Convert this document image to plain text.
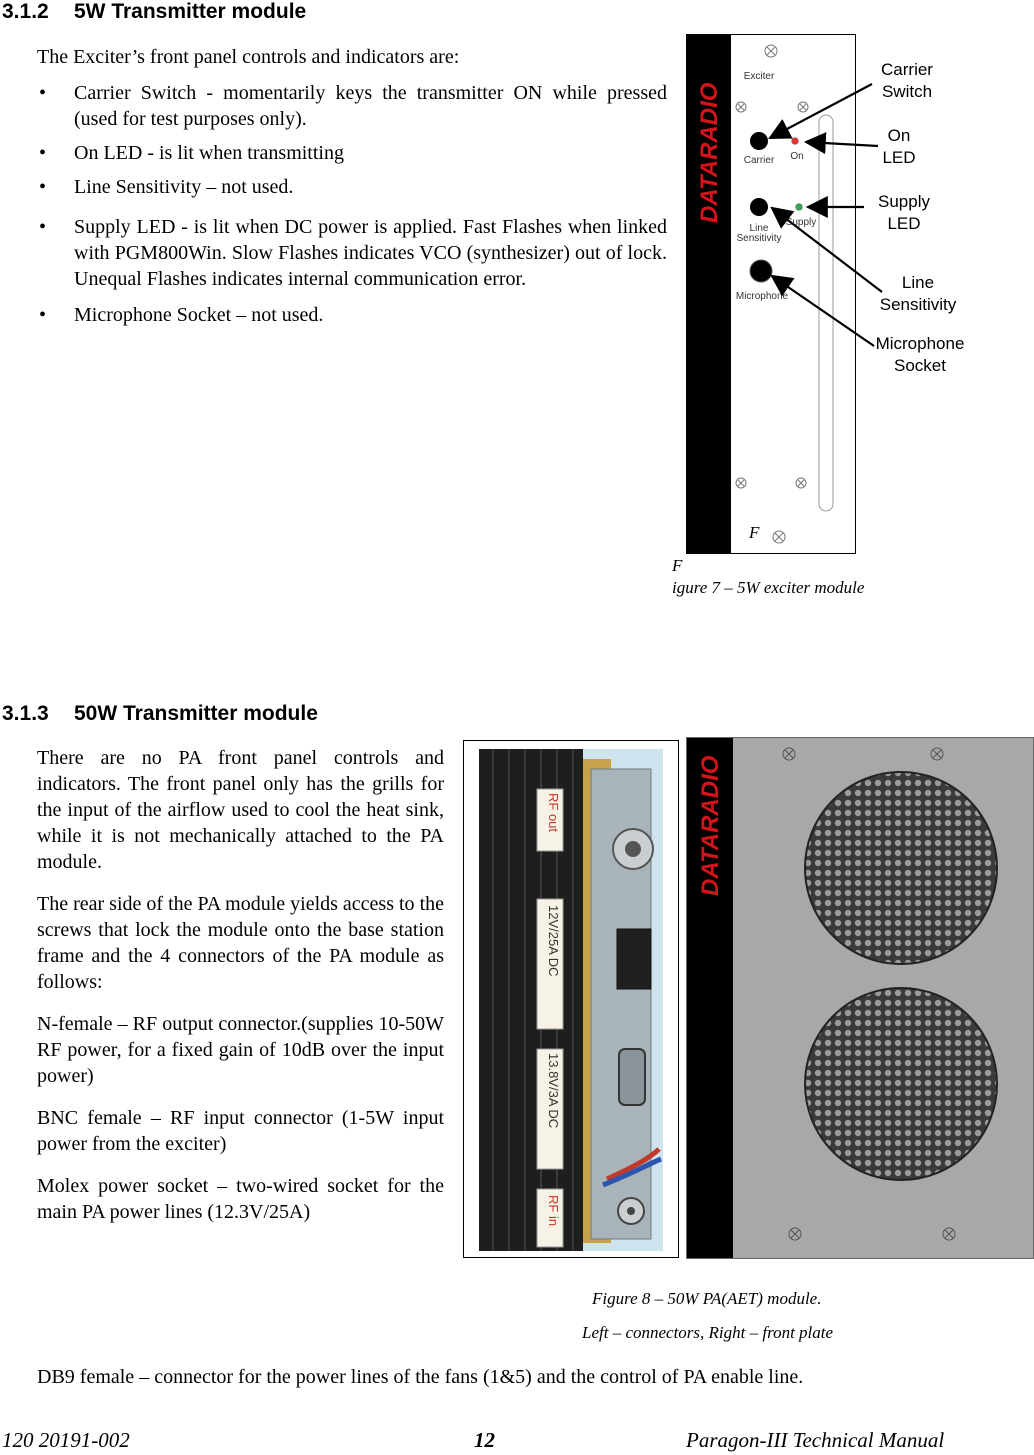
3.1.2 5W Transmitter module
The Exciter’s front panel controls and indicators are:
• Carrier Switch - momentarily keys the transmitter ON while pressed (used for test purposes only).
• On LED - is lit when transmitting
• Line Sensitivity – not used.
• Supply LED - is lit when DC power is applied. Fast Flashes when linked with PGM800Win. Slow Flashes indicates VCO (synthesizer) out of lock. Unequal Flashes indicates internal communication error.
• Microphone Socket – not used.
DATARADIO
Exciter
Carrier	On
Line
Sensitivity
Supply
Microphone
F
Carrier
Switch
On
LED
Supply
LED
Line
Sensitivity
Microphone
Socket
F
igure 7 – 5W exciter module
3.1.3 50W Transmitter module
There are no PA front panel controls and indicators. The front panel only has the grills for the input of the airflow used to cool the heat sink, while it is not mechanically attached to the PA module.
The rear side of the PA module yields access to the screws that lock the module onto the base station frame and the 4 connectors of the PA module as follows:
N-female – RF output connector.(supplies 10-50W RF power, for a fixed gain of 10dB over the input power)
BNC female – RF input connector (1-5W input power from the exciter)
Molex power socket – two-wired socket for the main PA power lines (12.3V/25A)
RF out
12V/25A DC
13.8V/3A DC
RF in
DATARADIO
Figure 8 – 50W PA(AET) module.
Left – connectors, Right – front plate
DB9 female – connector for the power lines of the fans (1&5) and the control of PA enable line.
120 20191-002	12	Paragon-III Technical Manual
